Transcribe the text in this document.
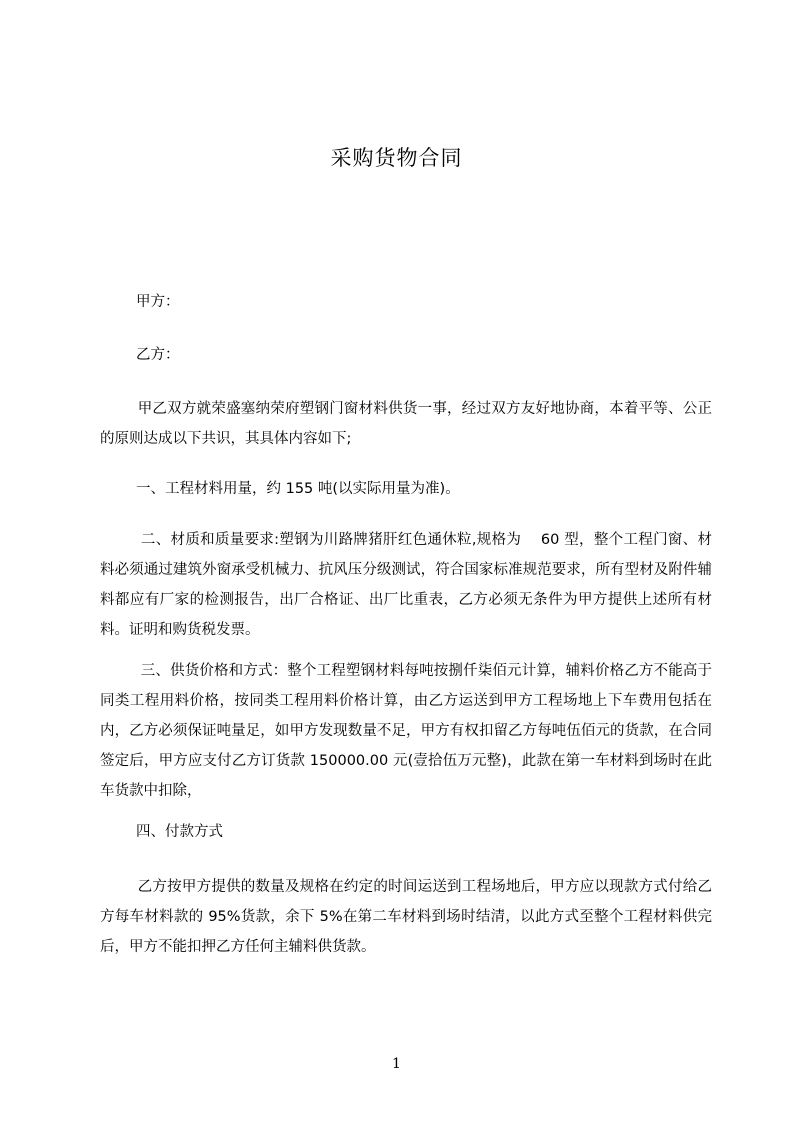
采购货物合同
甲方：
乙方：
甲乙双方就荣盛塞纳荣府塑钢门窗材料供货一事，经过双方友好地协商，本着平等、公正的原则达成以下共识，其具体内容如下;
一、工程材料用量，约 155 吨(以实际用量为准)。
二、材质和质量要求:塑钢为川路牌猪肝红色通休粒,规格为    60 型，整个工程门窗、材料必须通过建筑外窗承受机械力、抗风压分级测试，符合国家标准规范要求，所有型材及附件辅料都应有厂家的检测报告，出厂合格证、出厂比重表，乙方必须无条件为甲方提供上述所有材料。证明和购货税发票。
三、供货价格和方式：整个工程塑钢材料每吨按捌仟柒佰元计算，辅料价格乙方不能高于同类工程用料价格，按同类工程用料价格计算，由乙方运送到甲方工程场地上下车费用包括在内，乙方必须保证吨量足，如甲方发现数量不足，甲方有权扣留乙方每吨伍佰元的货款，在合同签定后，甲方应支付乙方订货款 150000.00 元(壹拾伍万元整)，此款在第一车材料到场时在此车货款中扣除，
四、付款方式
乙方按甲方提供的数量及规格在约定的时间运送到工程场地后，甲方应以现款方式付给乙方每车材料款的 95%货款，余下 5%在第二车材料到场时结清，以此方式至整个工程材料供完后，甲方不能扣押乙方任何主辅料供货款。
1
